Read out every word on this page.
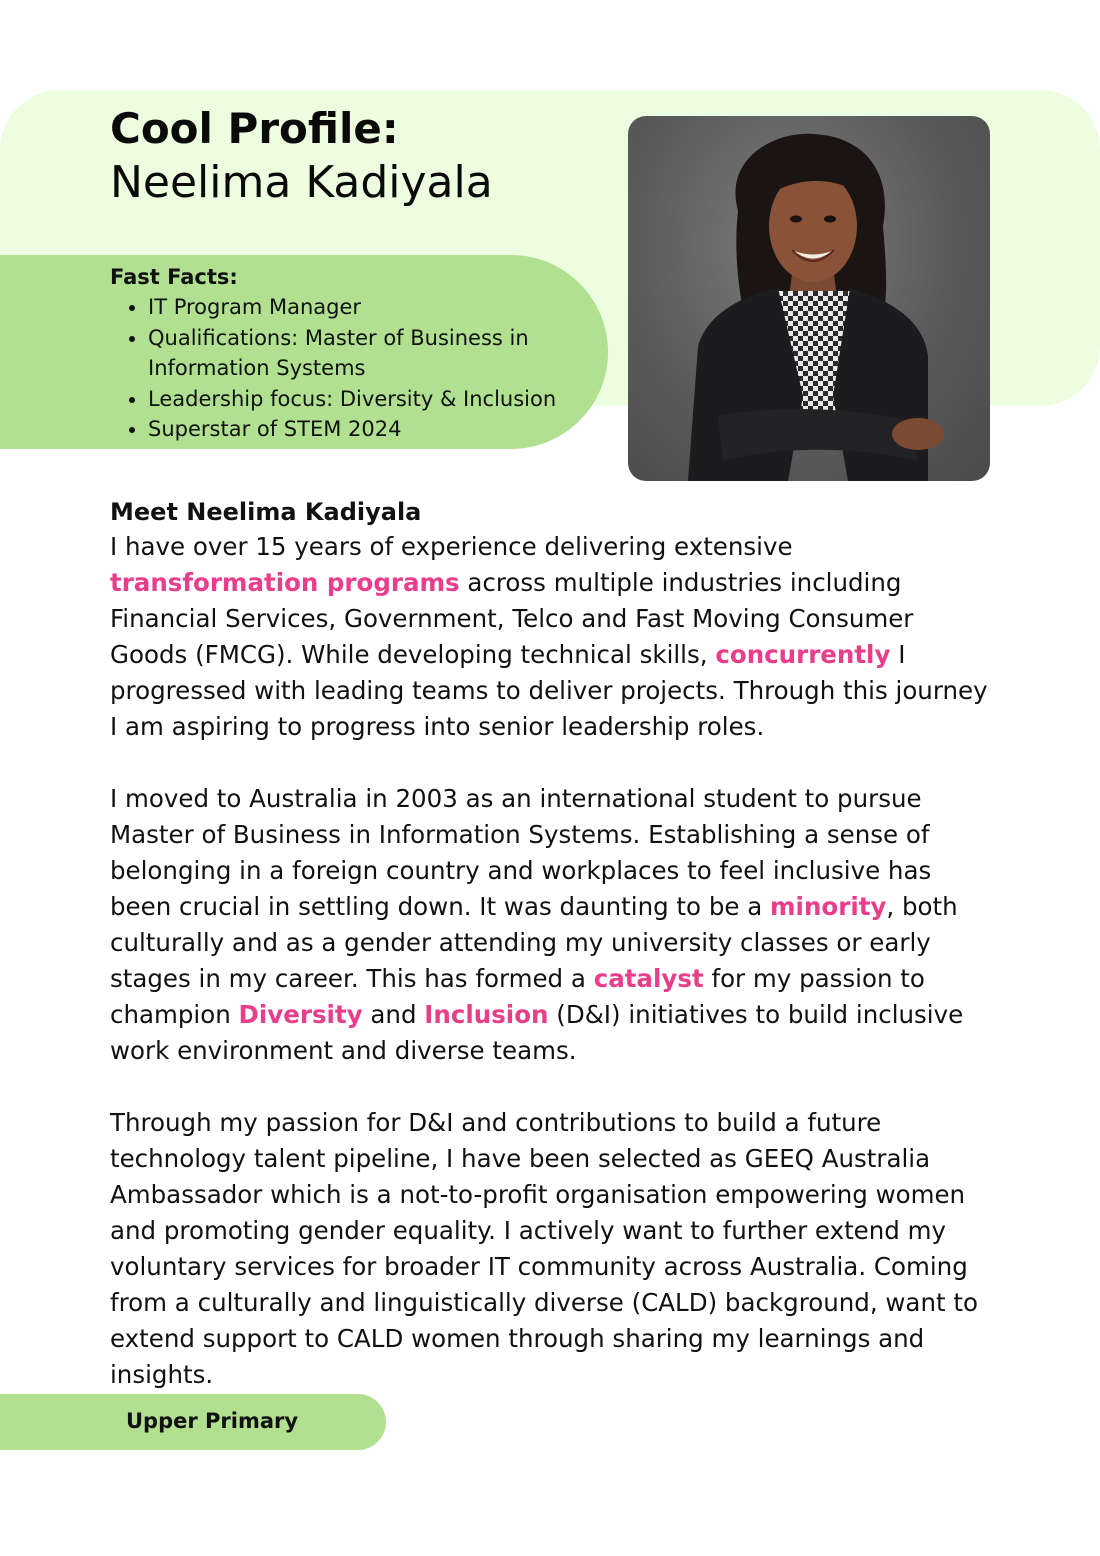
Cool Profile:
Neelima Kadiyala
Fast Facts:
• IT Program Manager
• Qualifications: Master of Business in Information Systems
• Leadership focus: Diversity & Inclusion
• Superstar of STEM 2024
Meet Neelima Kadiyala

I have over 15 years of experience delivering extensive transformation programs across multiple industries including Financial Services, Government, Telco and Fast Moving Consumer Goods (FMCG). While developing technical skills, concurrently I progressed with leading teams to deliver projects. Through this journey I am aspiring to progress into senior leadership roles.

I moved to Australia in 2003 as an international student to pursue Master of Business in Information Systems. Establishing a sense of belonging in a foreign country and workplaces to feel inclusive has been crucial in settling down. It was daunting to be a minority, both culturally and as a gender attending my university classes or early stages in my career. This has formed a catalyst for my passion to champion Diversity and Inclusion (D&I) initiatives to build inclusive work environment and diverse teams.

Through my passion for D&I and contributions to build a future technology talent pipeline, I have been selected as GEEQ Australia Ambassador which is a not-to-profit organisation empowering women and promoting gender equality. I actively want to further extend my voluntary services for broader IT community across Australia. Coming from a culturally and linguistically diverse (CALD) background, want to extend support to CALD women through sharing my learnings and insights.

Upper Primary
